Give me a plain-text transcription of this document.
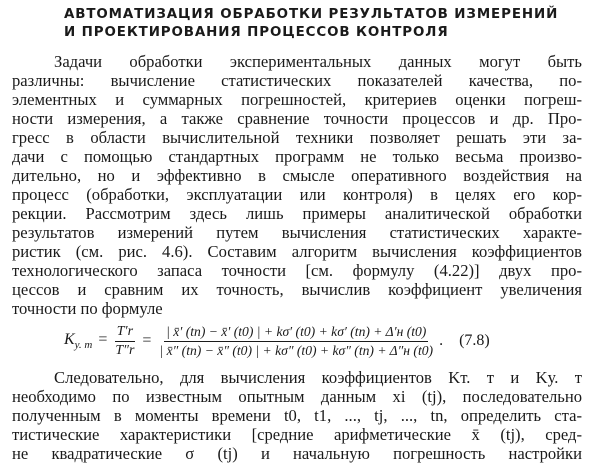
АВТОМАТИЗАЦИЯ ОБРАБОТКИ РЕЗУЛЬТАТОВ ИЗМЕРЕНИЙ
И ПРОЕКТИРОВАНИЯ ПРОЦЕССОВ КОНТРОЛЯ
Задачи обработки экспериментальных данных могут быть
различны: вычисление статистических показателей качества, по-
элементных и суммарных погрешностей, критериев оценки погреш-
ности измерения, а также сравнение точности процессов и др. Про-
гресс в области вычислительной техники позволяет решать эти за-
дачи с помощью стандартных программ не только весьма произво-
дительно, но и эффективно в смысле оперативного воздействия на
процесс (обработки, эксплуатации или контроля) в целях его кор-
рекции. Рассмотрим здесь лишь примеры аналитической обработки
результатов измерений путем вычисления статистических характе-
ристик (см. рис. 4.6). Составим алгоритм вычисления коэффициентов
технологического запаса точности [см. формулу (4.22)] двух про-
цессов и сравним их точность, вычислив коэффициент увеличения
точности по формуле
$K_{у. т} = \frac{T'r}{T''r} = \frac{| x̄' (tn) - x̄' (t0) | + k\sigma' (t0) + k\sigma' (tn) + \Delta'н (t0)}{| x̄'' (tn) - x̄'' (t0) | + k\sigma'' (t0) + k\sigma'' (tn) + \Delta''н (t0)}$ . (7.8)
Следовательно, для вычисления коэффициентов Kт. т и Kу. т
необходимо по известным опытным данным xi (tj), последовательно
полученным в моменты времени t0, t1, ..., tj, ..., tn, определить ста-
тистические характеристики [средние арифметические x̄ (tj), сред-
не квадратические σ (tj) и начальную погрешность настройки
